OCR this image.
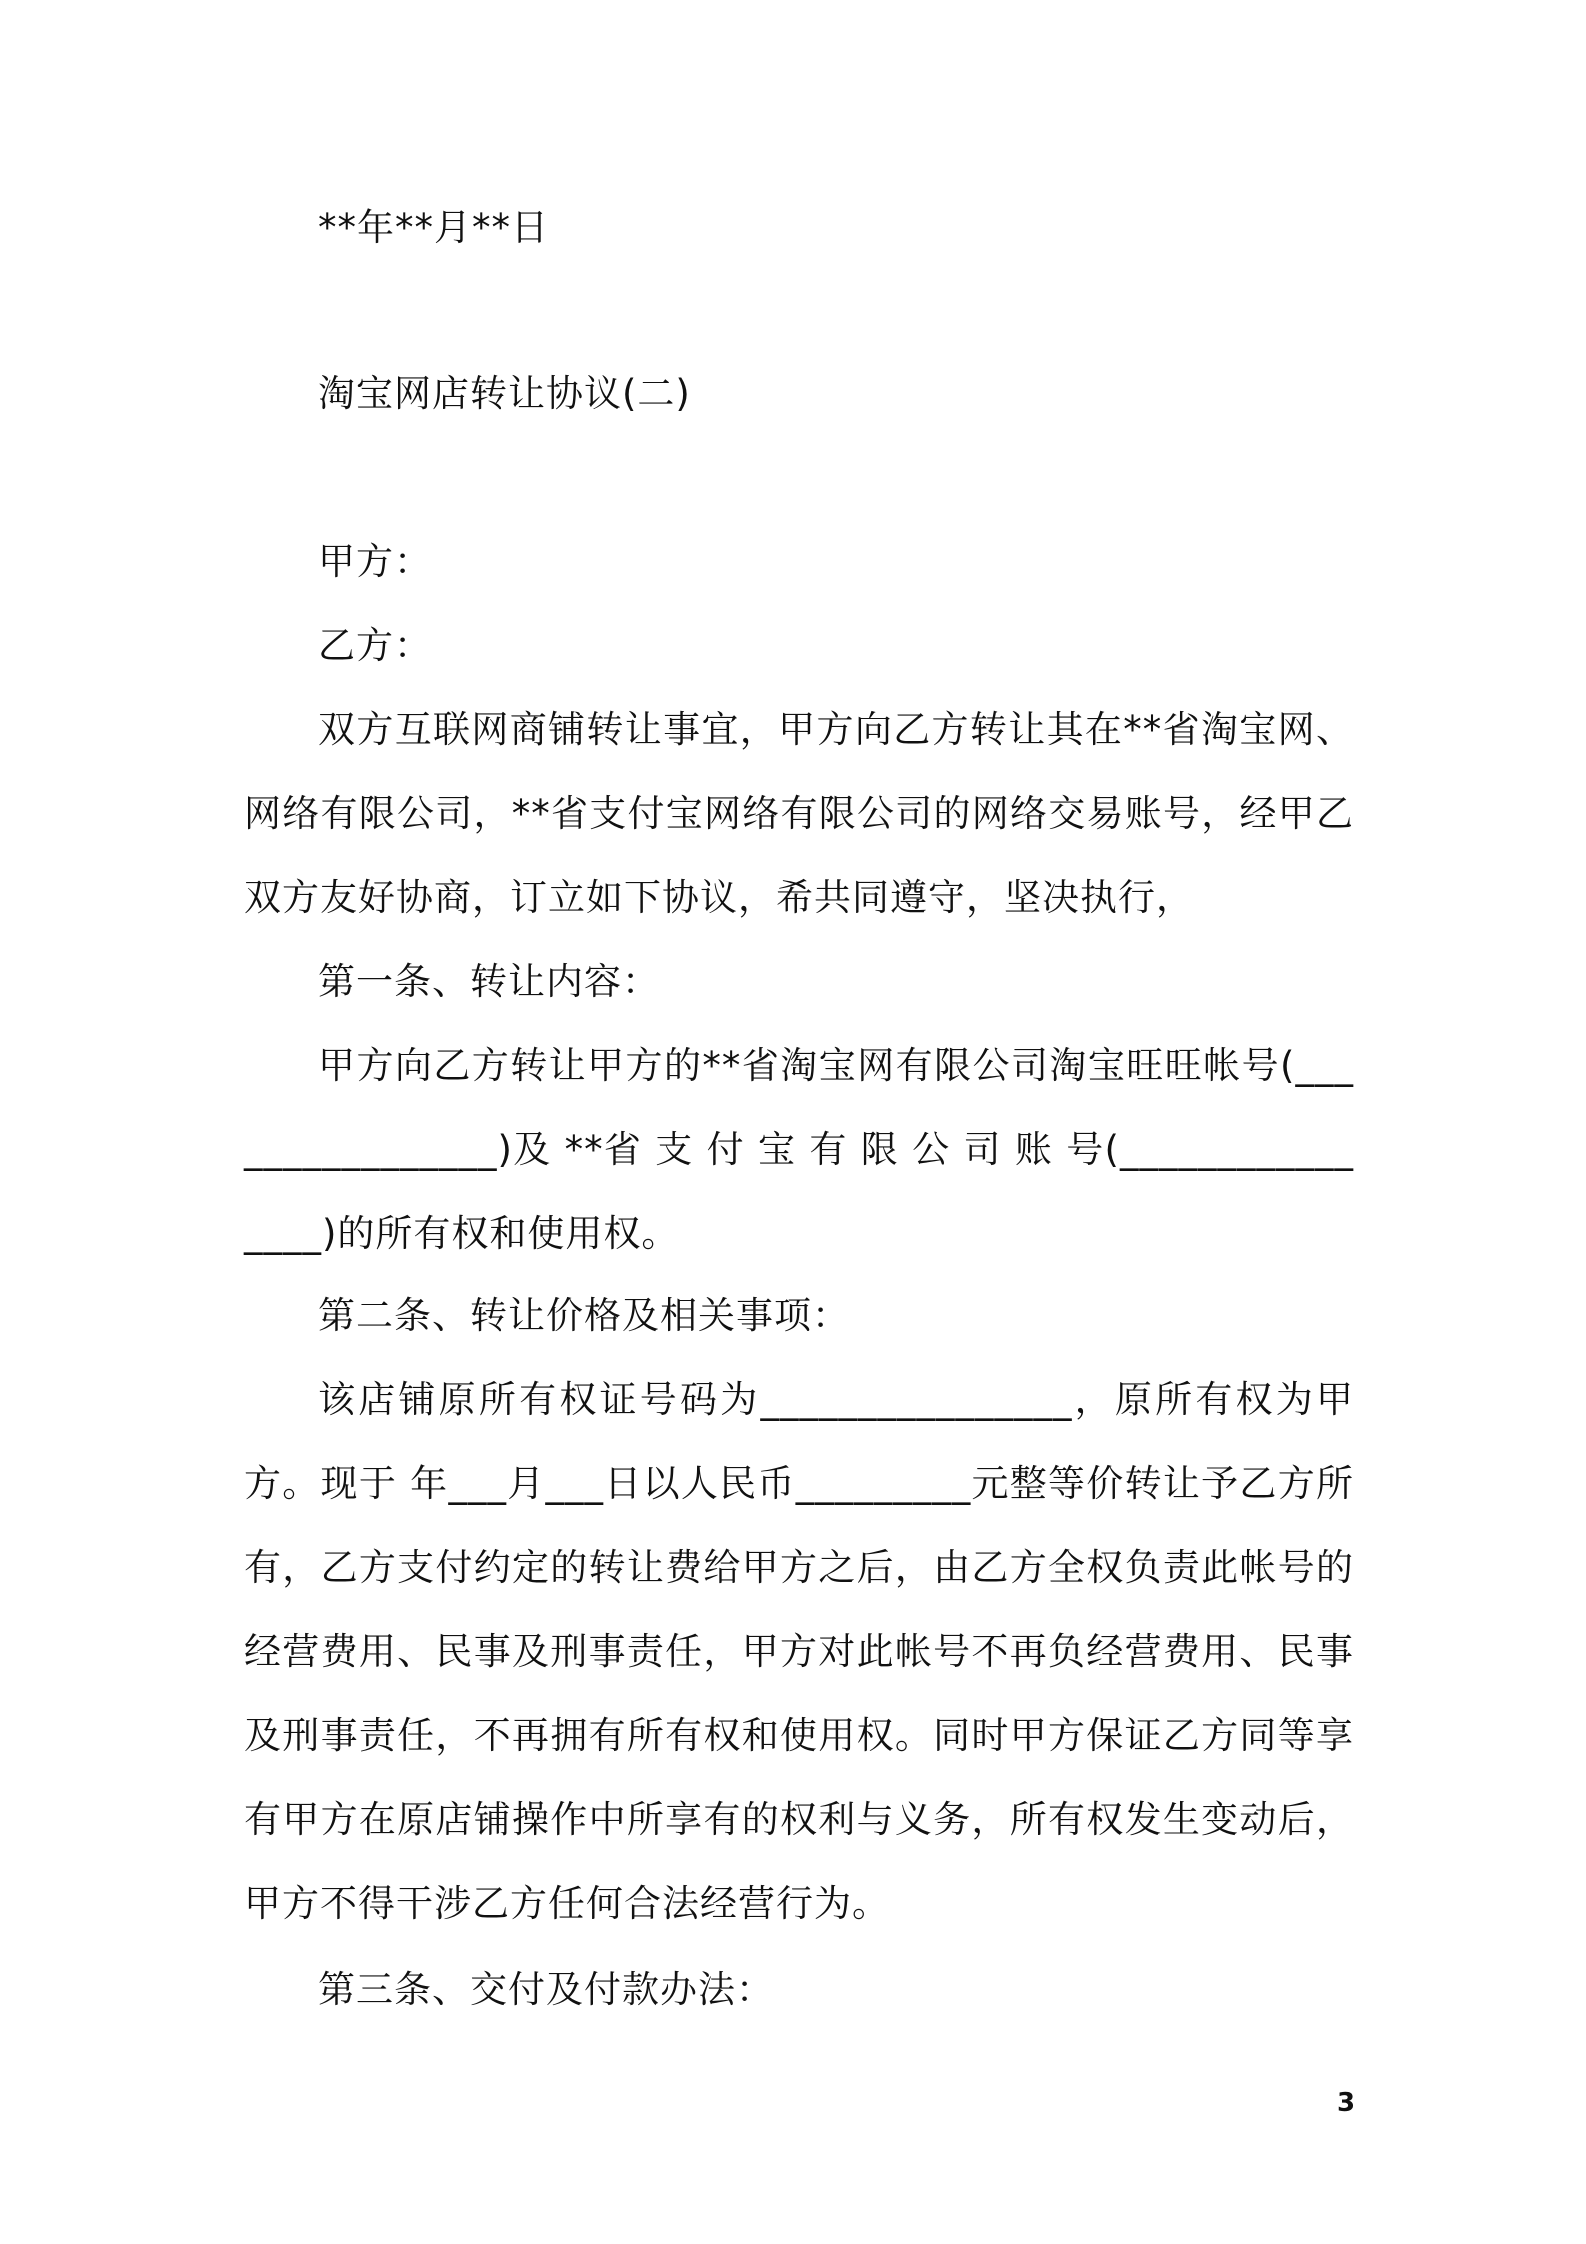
**年**月**日
淘宝网店转让协议(二)
甲方：
乙方：
双方互联网商铺转让事宜，甲方向乙方转让其在**省淘宝网、网络有限公司，**省支付宝网络有限公司的网络交易账号，经甲乙双方友好协商，订立如下协议，希共同遵守，坚决执行，
第一条、转让内容：
甲方向乙方转让甲方的**省淘宝网有限公司淘宝旺旺帐号(________________)及 **省 支 付 宝 有 限 公 司 账 号(________________)的所有权和使用权。
第二条、转让价格及相关事项：
该店铺原所有权证号码为________________，原所有权为甲方。现于 年___月___日以人民币_________元整等价转让予乙方所有，乙方支付约定的转让费给甲方之后，由乙方全权负责此帐号的经营费用、民事及刑事责任，甲方对此帐号不再负经营费用、民事及刑事责任，不再拥有所有权和使用权。同时甲方保证乙方同等享有甲方在原店铺操作中所享有的权利与义务，所有权发生变动后，甲方不得干涉乙方任何合法经营行为。
第三条、交付及付款办法：
3
